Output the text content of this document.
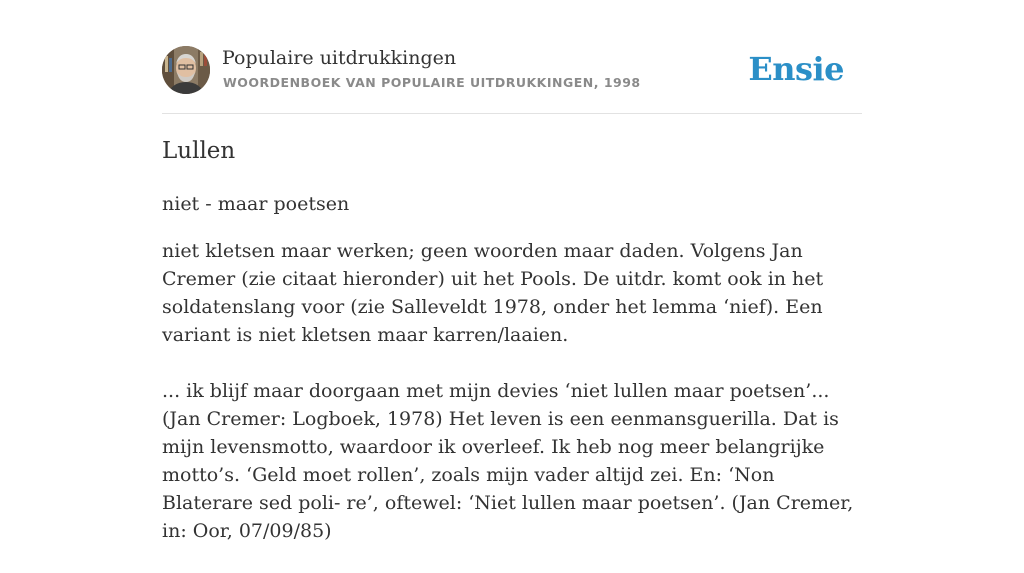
Populaire uitdrukkingen
WOORDENBOEK VAN POPULAIRE UITDRUKKINGEN, 1998	Ensie
Lullen
niet - maar poetsen

niet kletsen maar werken; geen woorden maar daden. Volgens Jan Cremer (zie citaat hieronder) uit het Pools. De uitdr. komt ook in het soldatenslang voor (zie Salleveldt 1978, onder het lemma ‘nief). Een variant is niet kletsen maar karren/laaien.

... ik blijf maar doorgaan met mijn devies ‘niet lullen maar poetsen’... (Jan Cremer: Logboek, 1978) Het leven is een eenmansguerilla. Dat is mijn levensmotto, waardoor ik overleef. Ik heb nog meer belangrijke motto’s. ‘Geld moet rollen’, zoals mijn vader altijd zei. En: ‘Non Blaterare sed poli- re’, oftewel: ‘Niet lullen maar poetsen’. (Jan Cremer, in: Oor, 07/09/85)
